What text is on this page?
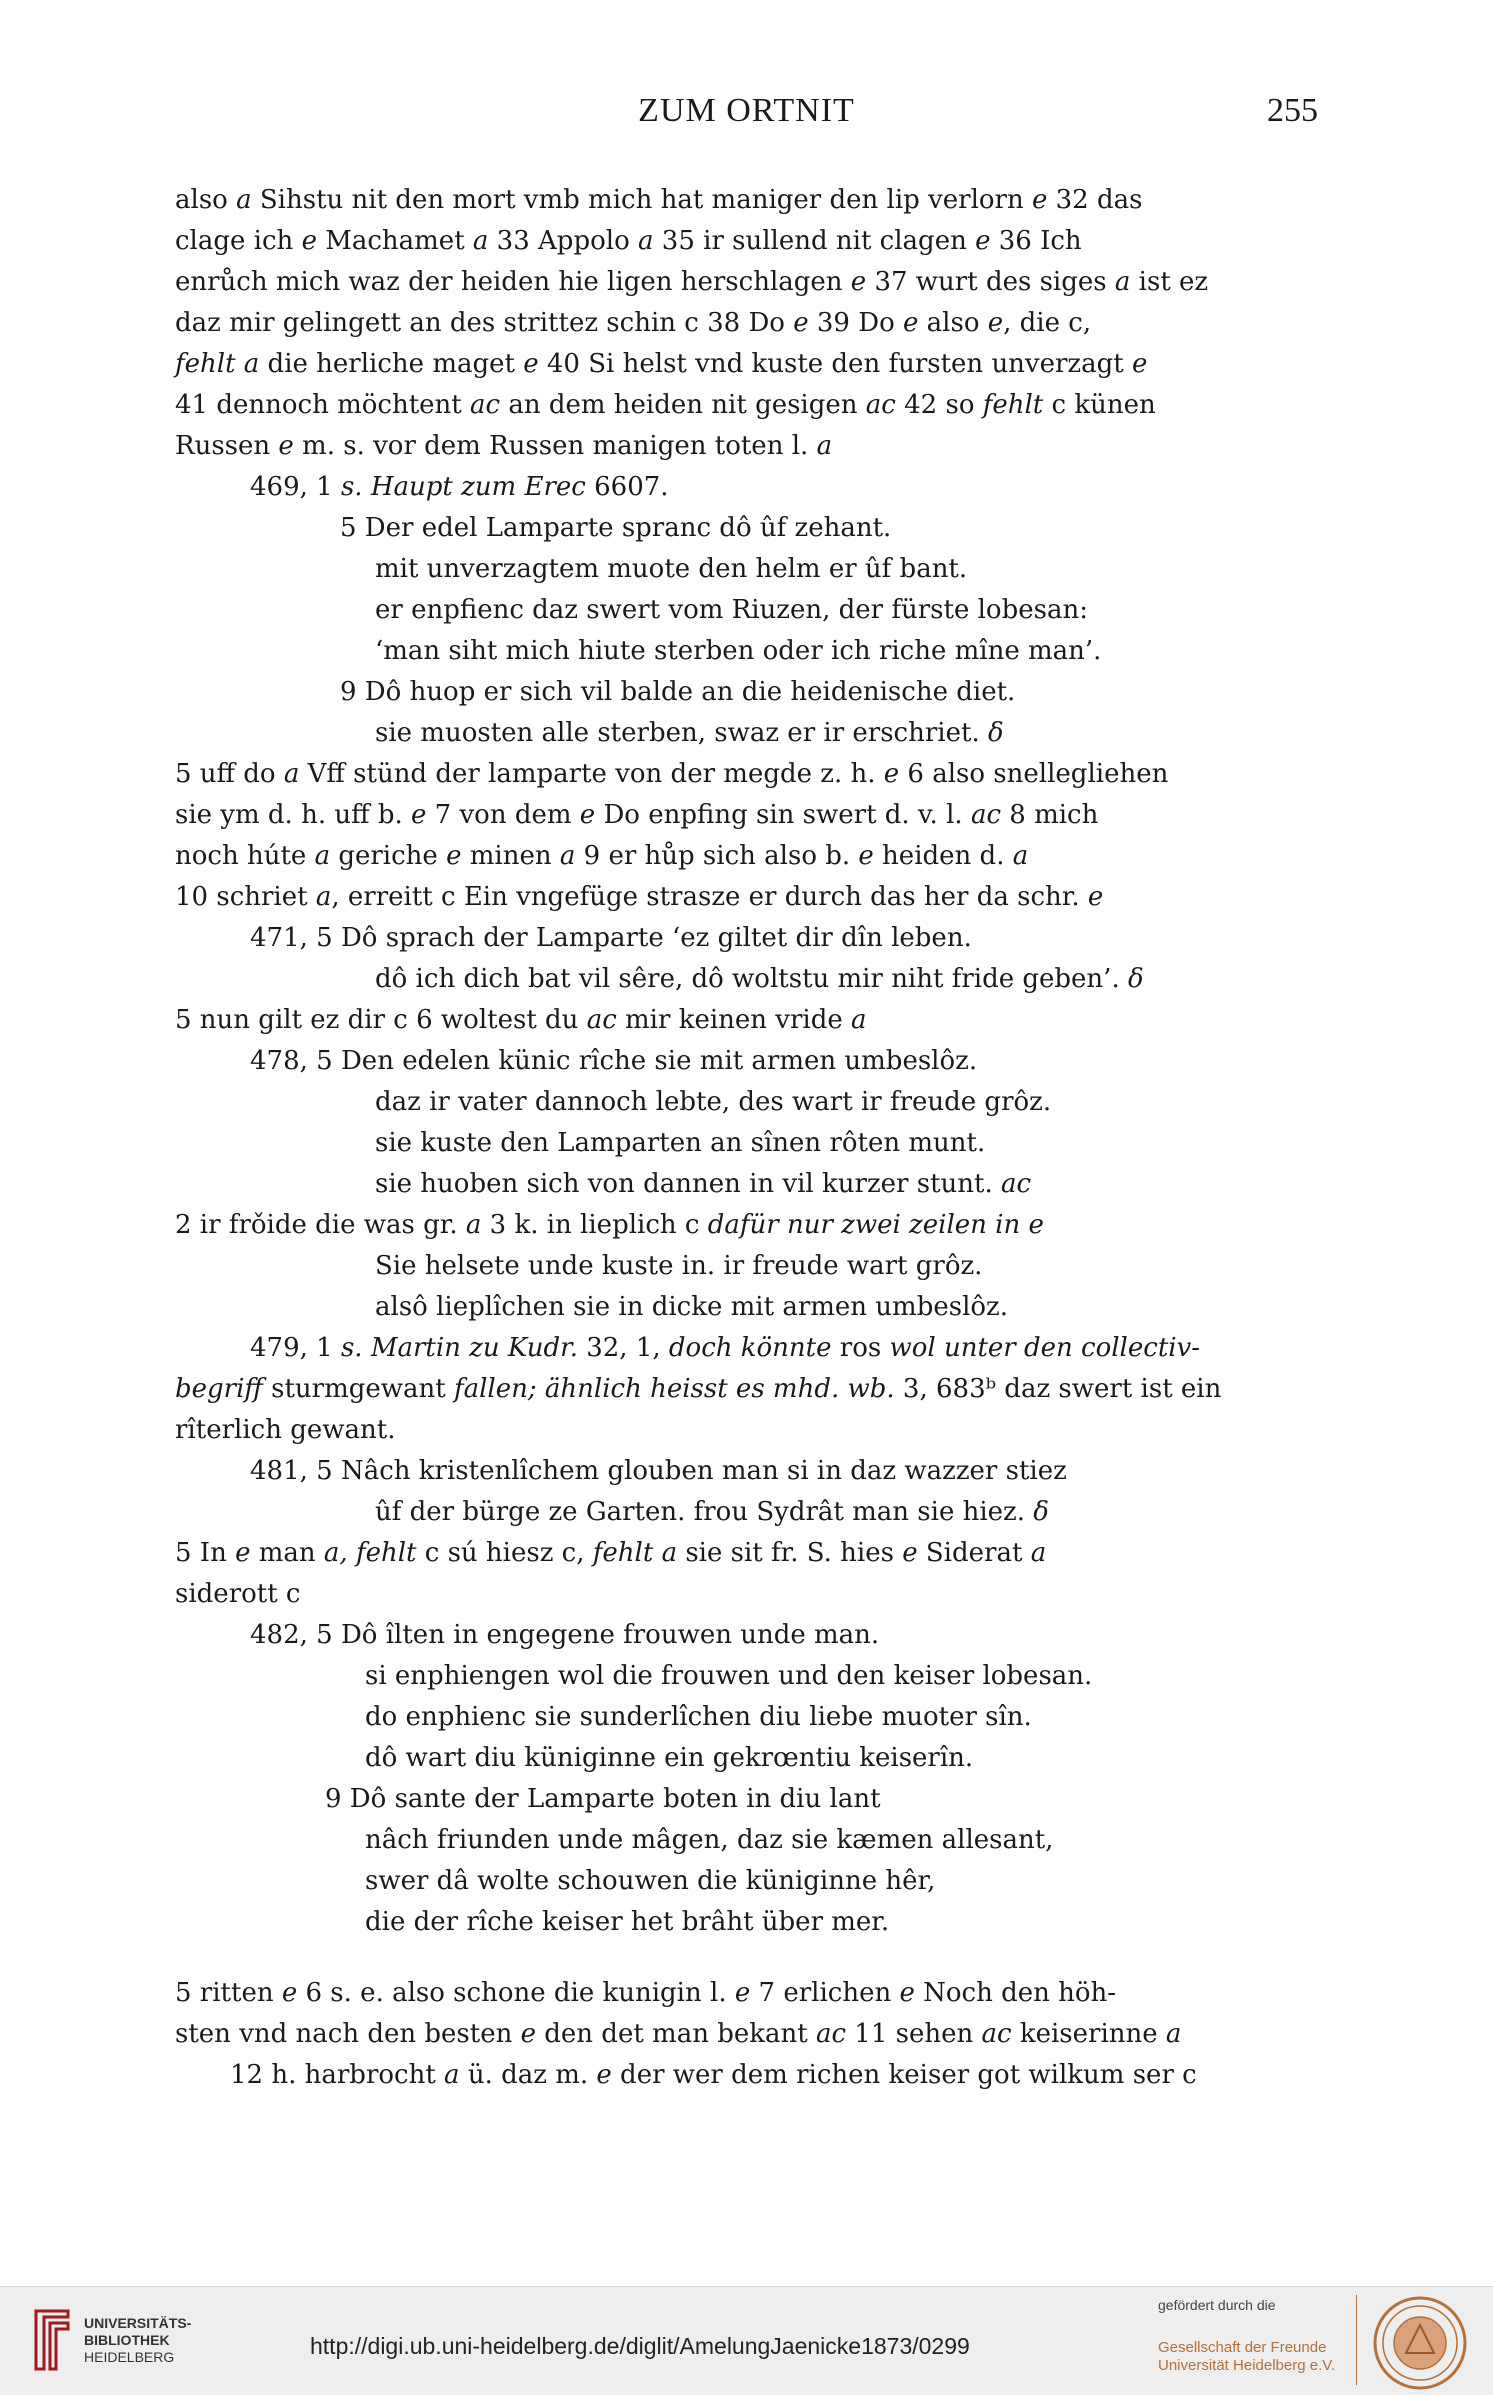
ZUM ORTNIT	255
also a Sihstu nit den mort vmb mich hat maniger den lip verlorn e 32 das
clage ich e Machamet a 33 Appolo a 35 ir sullend nit clagen e 36 Ich
enrůch mich waz der heiden hie ligen herschlagen e 37 wurt des siges a ist ez
daz mir gelingett an des strittez schin c 38 Do e 39 Do e also e, die c,
fehlt a die herliche maget e 40 Si helst vnd kuste den fursten unverzagt e
41 dennoch möchtent ac an dem heiden nit gesigen ac 42 so fehlt c künen
Russen e m. s. vor dem Russen manigen toten l. a
469, 1 s. Haupt zum Erec 6607.
5 Der edel Lamparte spranc dô ûf zehant.
mit unverzagtem muote den helm er ûf bant.
er enpfienc daz swert vom Riuzen, der fürste lobesan:
‘man siht mich hiute sterben oder ich riche mîne man’.
9 Dô huop er sich vil balde an die heidenische diet.
sie muosten alle sterben, swaz er ir erschriet. δ
5 uff do a Vff stünd der lamparte von der megde z. h. e 6 also snellegliehen
sie ym d. h. uff b. e 7 von dem e Do enpfing sin swert d. v. l. ac 8 mich
noch húte a geriche e minen a 9 er hůp sich also b. e heiden d. a
10 schriet a, erreitt c Ein vngefüge strasze er durch das her da schr. e
471, 5 Dô sprach der Lamparte ‘ez giltet dir dîn leben.
dô ich dich bat vil sêre, dô woltstu mir niht fride geben’. δ
5 nun gilt ez dir c 6 woltest du ac mir keinen vride a
478, 5 Den edelen künic rîche sie mit armen umbeslôz.
daz ir vater dannoch lebte, des wart ir freude grôz.
sie kuste den Lamparten an sînen rôten munt.
sie huoben sich von dannen in vil kurzer stunt. ac
2 ir frǒide die was gr. a 3 k. in lieplich c dafür nur zwei zeilen in e
Sie helsete unde kuste in. ir freude wart grôz.
alsô lieplîchen sie in dicke mit armen umbeslôz.
479, 1 s. Martin zu Kudr. 32, 1, doch könnte ros wol unter den collectiv-
begriff sturmgewant fallen; ähnlich heisst es mhd. wb. 3, 683ᵇ daz swert ist ein
rîterlich gewant.
481, 5 Nâch kristenlîchem glouben man si in daz wazzer stiez
ûf der bürge ze Garten. frou Sydrât man sie hiez. δ
5 In e man a, fehlt c sú hiesz c, fehlt a sie sit fr. S. hies e Siderat a
siderott c
482, 5 Dô îlten in engegene frouwen unde man.
si enphiengen wol die frouwen und den keiser lobesan.
do enphienc sie sunderlîchen diu liebe muoter sîn.
dô wart diu küniginne ein gekrœntiu keiserîn.
9 Dô sante der Lamparte boten in diu lant
nâch friunden unde mâgen, daz sie kæmen allesant,
swer dâ wolte schouwen die küniginne hêr,
die der rîche keiser het brâht über mer.
5 ritten e 6 s. e. also schone die kunigin l. e 7 erlichen e Noch den höh-
sten vnd nach den besten e den det man bekant ac 11 sehen ac keiserinne a
12 h. harbrocht a ü. daz m. e der wer dem richen keiser got wilkum ser c
UNIVERSITÄTS-
BIBLIOTHEK
HEIDELBERG	http://digi.ub.uni-heidelberg.de/diglit/AmelungJaenicke1873/0299
gefördert durch die
Gesellschaft der Freunde
Universität Heidelberg e.V.
